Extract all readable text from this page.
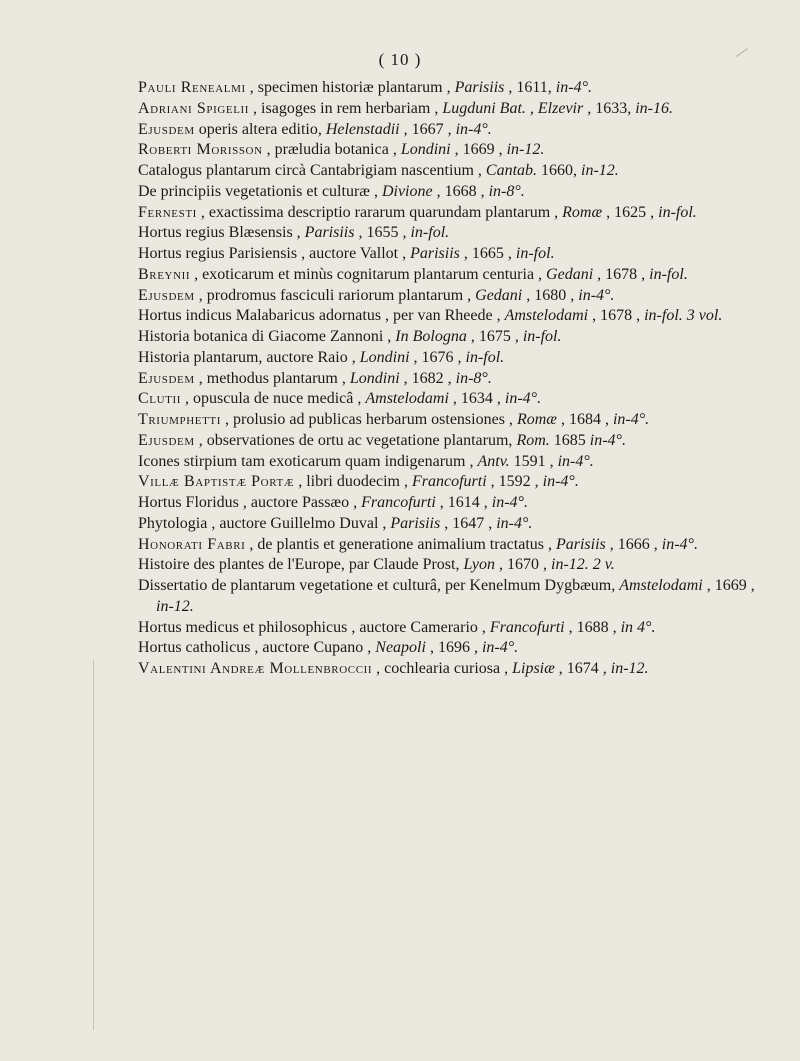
( 10 )
Pauli Renealmi , specimen historiæ plantarum , Parisiis , 1611, in-4°.
Adriani Spigelii , isagoges in rem herbariam , Lugduni Bat. , Elzevir , 1633, in-16.
Ejusdem operis altera editio, Helenstadii , 1667 , in-4°.
Roberti Morisson , præludia botanica , Londini , 1669 , in-12.
Catalogus plantarum circà Cantabrigiam nascentium , Cantab. 1660, in-12.
De principiis vegetationis et culturæ , Divione , 1668 , in-8°.
Fernesti , exactissima descriptio rararum quarundam plantarum , Romæ , 1625 , in-fol.
Hortus regius Blæsensis , Parisiis , 1655 , in-fol.
Hortus regius Parisiensis , auctore Vallot , Parisiis , 1665 , in-fol.
Breynii , exoticarum et minùs cognitarum plantarum centuria , Gedani , 1678 , in-fol.
Ejusdem , prodromus fasciculi rariorum plantarum , Gedani , 1680 , in-4°.
Hortus indicus Malabaricus adornatus , per van Rheede , Amstelodami , 1678 , in-fol. 3 vol.
Historia botanica di Giacome Zannoni , In Bologna , 1675 , in-fol.
Historia plantarum, auctore Raio , Londini , 1676 , in-fol.
Ejusdem , methodus plantarum , Londini , 1682 , in-8°.
Clutii , opuscula de nuce medicâ , Amstelodami , 1634 , in-4°.
Triumphetti , prolusio ad publicas herbarum ostensiones , Romæ , 1684 , in-4°.
Ejusdem , observationes de ortu ac vegetatione plantarum, Rom. 1685 in-4°.
Icones stirpium tam exoticarum quam indigenarum , Antv. 1591 , in-4°.
Villæ Baptistæ Portæ , libri duodecim , Francofurti , 1592 , in-4°.
Hortus Floridus , auctore Passæo , Francofurti , 1614 , in-4°.
Phytologia , auctore Guillelmo Duval , Parisiis , 1647 , in-4°.
Honorati Fabri , de plantis et generatione animalium tractatus , Parisiis , 1666 , in-4°.
Histoire des plantes de l'Europe, par Claude Prost, Lyon , 1670 , in-12. 2 v.
Dissertatio de plantarum vegetatione et culturâ, per Kenelmum Dygbæum, Amstelodami , 1669 , in-12.
Hortus medicus et philosophicus , auctore Camerario , Francofurti , 1688 , in 4°.
Hortus catholicus , auctore Cupano , Neapoli , 1696 , in-4°.
Valentini Andreæ Mollenbroccii , cochlearia curiosa , Lipsiæ , 1674 , in-12.
